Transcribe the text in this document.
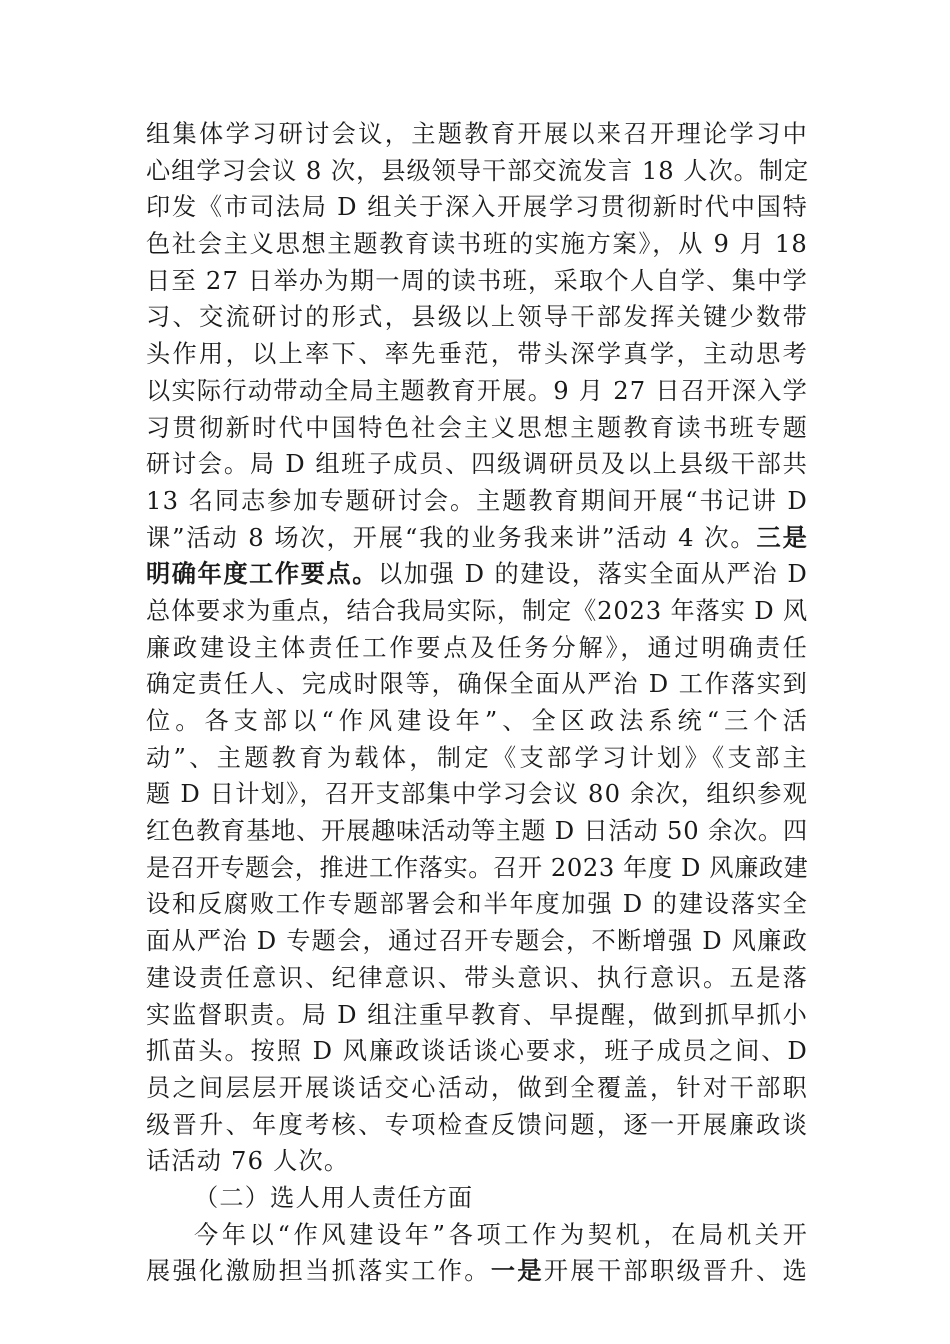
组集体学习研讨会议，主题教育开展以来召开理论学习中
心组学习会议 8 次，县级领导干部交流发言 18 人次。制定
印发《市司法局 D 组关于深入开展学习贯彻新时代中国特
色社会主义思想主题教育读书班的实施方案》，从 9 月 18
日至 27 日举办为期一周的读书班，采取个人自学、集中学
习、交流研讨的形式，县级以上领导干部发挥关键少数带
头作用，以上率下、率先垂范，带头深学真学，主动思考
以实际行动带动全局主题教育开展。9 月 27 日召开深入学
习贯彻新时代中国特色社会主义思想主题教育读书班专题
研讨会。局 D 组班子成员、四级调研员及以上县级干部共
13 名同志参加专题研讨会。主题教育期间开展“书记讲 D
课”活动 8 场次，开展“我的业务我来讲”活动 4 次。三是
明确年度工作要点。以加强 D 的建设，落实全面从严治 D
总体要求为重点，结合我局实际，制定《2023 年落实 D 风
廉政建设主体责任工作要点及任务分解》，通过明确责任
确定责任人、完成时限等，确保全面从严治 D 工作落实到
位。各支部以“作风建设年”、全区政法系统“三个活
动”、主题教育为载体，制定《支部学习计划》《支部主
题 D 日计划》，召开支部集中学习会议 80 余次，组织参观
红色教育基地、开展趣味活动等主题 D 日活动 50 余次。四
是召开专题会，推进工作落实。召开 2023 年度 D 风廉政建
设和反腐败工作专题部署会和半年度加强 D 的建设落实全
面从严治 D 专题会，通过召开专题会，不断增强 D 风廉政
建设责任意识、纪律意识、带头意识、执行意识。五是落
实监督职责。局 D 组注重早教育、早提醒，做到抓早抓小
抓苗头。按照 D 风廉政谈话谈心要求，班子成员之间、D
员之间层层开展谈话交心活动，做到全覆盖，针对干部职
级晋升、年度考核、专项检查反馈问题，逐一开展廉政谈
话活动 76 人次。
（二）选人用人责任方面
今年以“作风建设年”各项工作为契机，在局机关开
展强化激励担当抓落实工作。一是开展干部职级晋升、选
